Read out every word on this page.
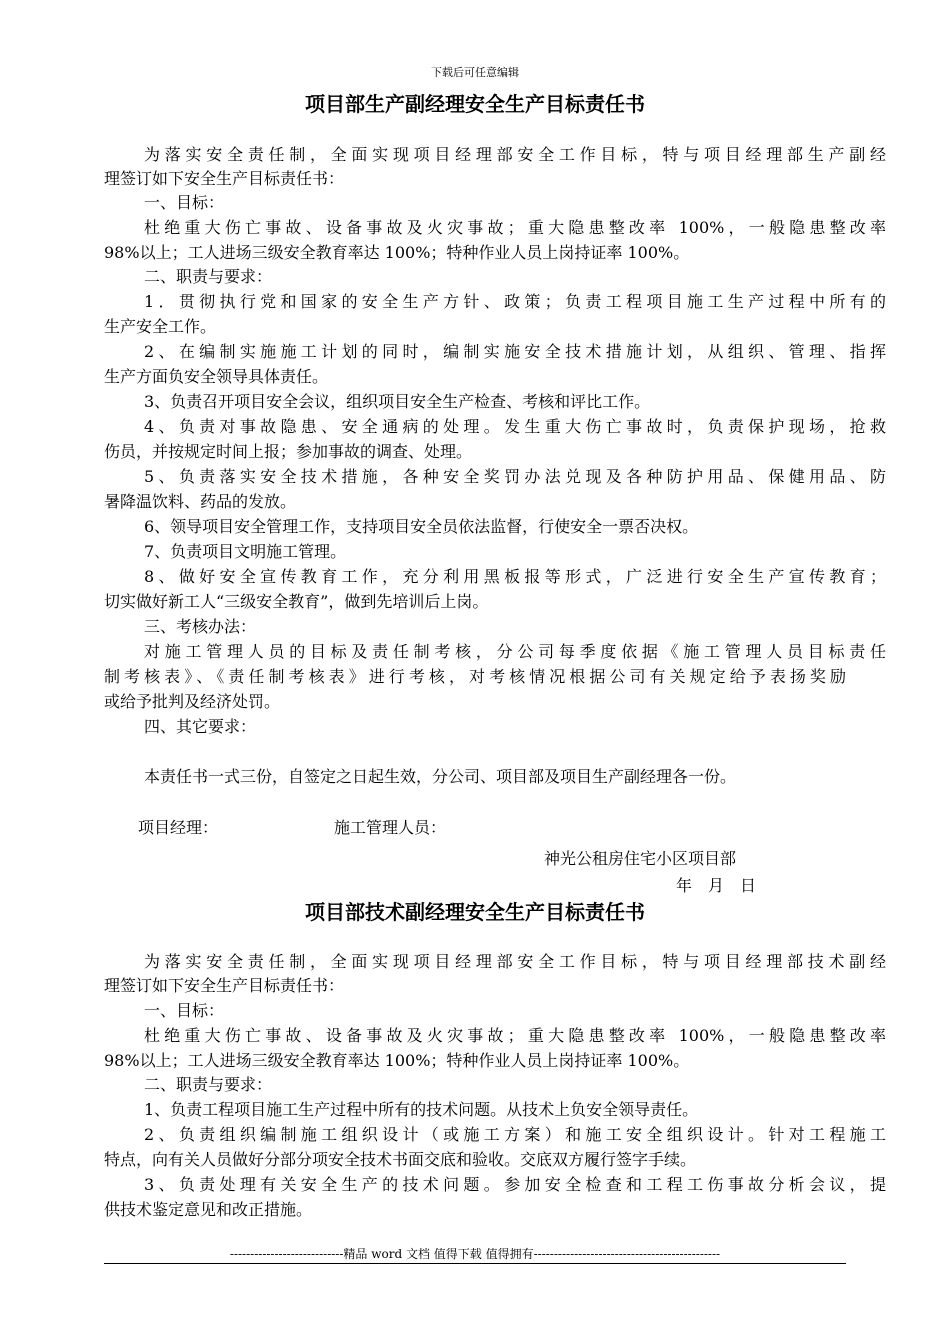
下载后可任意编辑
项目部生产副经理安全生产目标责任书
为落实安全责任制，全面实现项目经理部安全工作目标，特与项目经理部生产副经
理签订如下安全生产目标责任书：
一、目标：
杜绝重大伤亡事故、设备事故及火灾事故；重大隐患整改率 100%，一般隐患整改率
98%以上；工人进场三级安全教育率达 100%；特种作业人员上岗持证率 100%。
二、职责与要求：
1．贯彻执行党和国家的安全生产方针、政策；负责工程项目施工生产过程中所有的
生产安全工作。
2、在编制实施施工计划的同时，编制实施安全技术措施计划，从组织、管理、指挥
生产方面负安全领导具体责任。
3、负责召开项目安全会议，组织项目安全生产检查、考核和评比工作。
4、负责对事故隐患、安全通病的处理。发生重大伤亡事故时，负责保护现场，抢救
伤员，并按规定时间上报；参加事故的调查、处理。
5、负责落实安全技术措施，各种安全奖罚办法兑现及各种防护用品、保健用品、防
暑降温饮料、药品的发放。
6、领导项目安全管理工作，支持项目安全员依法监督，行使安全一票否决权。
7、负责项目文明施工管理。
8、做好安全宣传教育工作，充分利用黑板报等形式，广泛进行安全生产宣传教育；
切实做好新工人“三级安全教育”，做到先培训后上岗。
三、考核办法：
对施工管理人员的目标及责任制考核，分公司每季度依据《施工管理人员目标责任
制考核表》、《责任制考核表》进行考核，对考核情况根据公司有关规定给予表扬奖励
或给予批判及经济处罚。
四、其它要求：
本责任书一式三份，自签定之日起生效，分公司、项目部及项目生产副经理各一份。
项目经理：	施工管理人员：
神光公租房住宅小区项目部
年　月　日
项目部技术副经理安全生产目标责任书
为落实安全责任制，全面实现项目经理部安全工作目标，特与项目经理部技术副经
理签订如下安全生产目标责任书：
一、目标：
杜绝重大伤亡事故、设备事故及火灾事故；重大隐患整改率 100%，一般隐患整改率
98%以上；工人进场三级安全教育率达 100%；特种作业人员上岗持证率 100%。
二、职责与要求：
1、负责工程项目施工生产过程中所有的技术问题。从技术上负安全领导责任。
2、负责组织编制施工组织设计（或施工方案）和施工安全组织设计。针对工程施工
特点，向有关人员做好分部分项安全技术书面交底和验收。交底双方履行签字手续。
3、负责处理有关安全生产的技术问题。参加安全检查和工程工伤事故分析会议，提
供技术鉴定意见和改正措施。
----------------------------精品 word 文档 值得下载 值得拥有----------------------------------------------
